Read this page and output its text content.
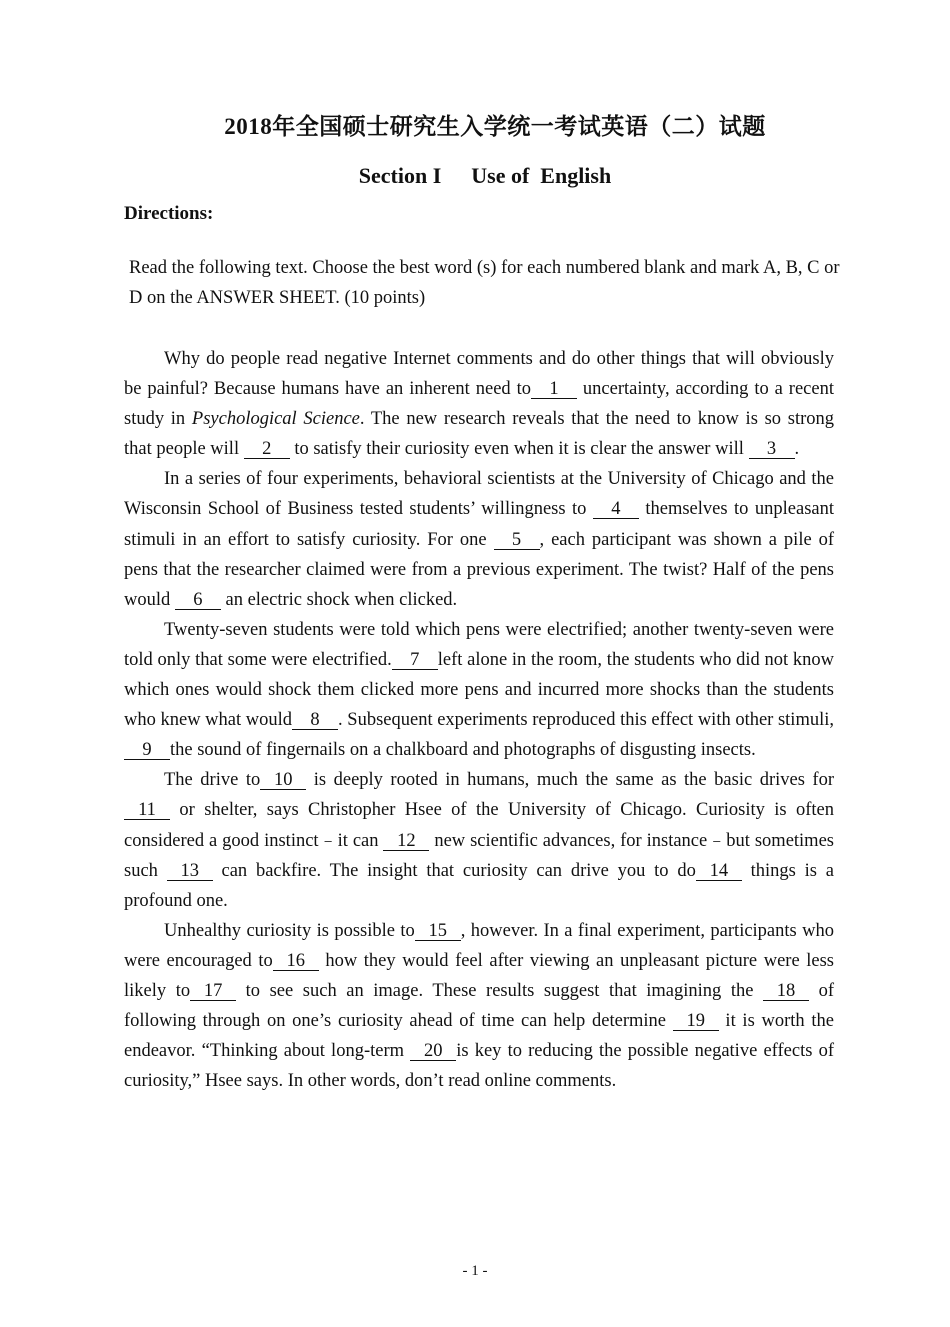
2018年全国硕士研究生入学统一考试英语（二）试题
Section I Use of  English
Directions:
Read the following text. Choose the best word (s) for each numbered blank and mark A, B, C or D on the ANSWER SHEET. (10 points)

Why do people read negative Internet comments and do other things that will obviously be painful? Because humans have an inherent need to 1 uncertainty, according to a recent study in Psychological Science. The new research reveals that the need to know is so strong that people will 2 to satisfy their curiosity even when it is clear the answer will 3 .

In a series of four experiments, behavioral scientists at the University of Chicago and the Wisconsin School of Business tested students’ willingness to 4 themselves to unpleasant stimuli in an effort to satisfy curiosity. For one 5 , each participant was shown a pile of pens that the researcher claimed were from a previous experiment. The twist? Half of the pens would 6 an electric shock when clicked.

Twenty-seven students were told which pens were electrified; another twenty-seven were told only that some were electrified. 7 left alone in the room, the students who did not know which ones would shock them clicked more pens and incurred more shocks than the students who knew what would 8 . Subsequent experiments reproduced this effect with other stimuli, 9 the sound of fingernails on a chalkboard and photographs of disgusting insects.

The drive to 10 is deeply rooted in humans, much the same as the basic drives for11 or shelter, says Christopher Hsee of the University of Chicago. Curiosity is often considered a good instinct﹣it can 12 new scientific advances, for instance﹣but sometimes such 13 can backfire. The insight that curiosity can drive you to do 14 things is a profound one.

Unhealthy curiosity is possible to 15 , however. In a final experiment, participants who were encouraged to 16 how they would feel after viewing an unpleasant picture were less likely to 17 to see such an image. These results suggest that imagining the 18 of following through on one’s curiosity ahead of time can help determine 19 it is worth the endeavor. “Thinking about long-term 20 is key to reducing the possible negative effects of curiosity,” Hsee says. In other words, don’t read online comments.

- 1 -
